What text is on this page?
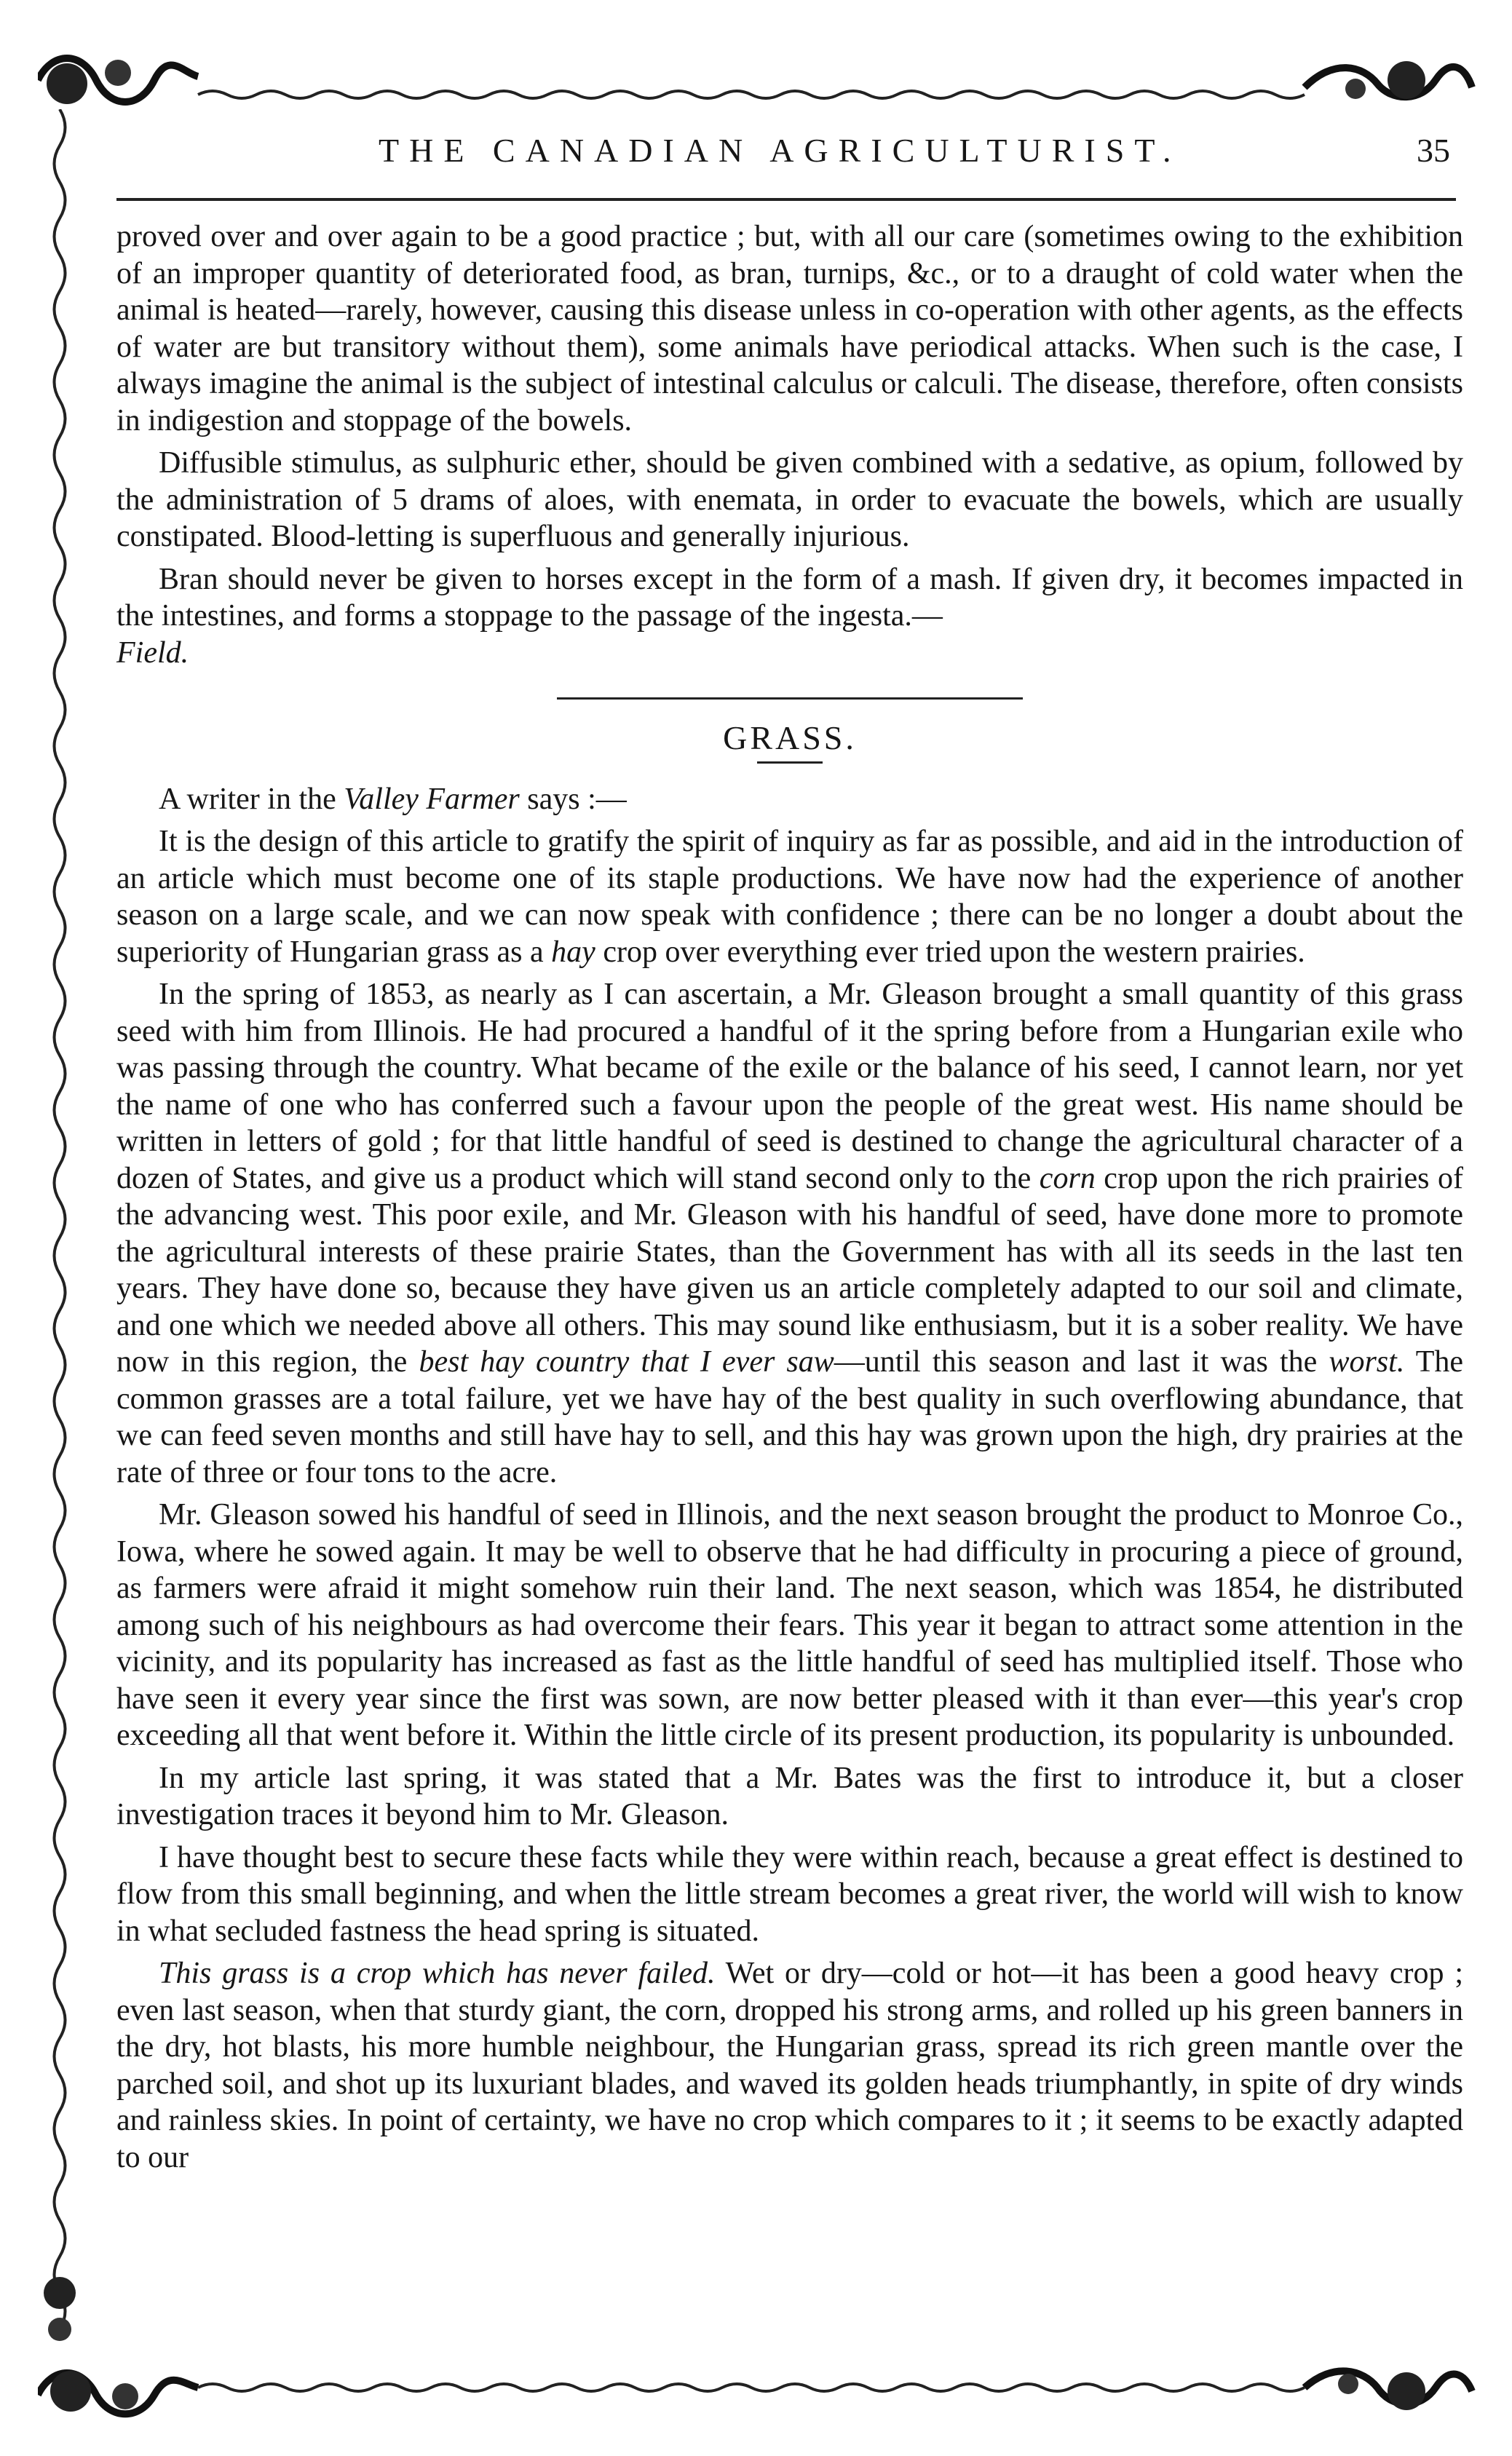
THE CANADIAN AGRICULTURIST.	35

proved over and over again to be a good practice ; but, with all our care (sometimes owing to the exhibition of an improper quantity of deteriorated food, as bran, turnips, &c., or to a draught of cold water when the animal is heated—rarely, however, causing this disease unless in co-operation with other agents, as the effects of water are but transitory without them), some animals have periodical attacks. When such is the case, I always imagine the animal is the subject of intestinal calculus or calculi. The disease, therefore, often consists in indigestion and stoppage of the bowels.

Diffusible stimulus, as sulphuric ether, should be given combined with a sedative, as opium, followed by the administration of 5 drams of aloes, with enemata, in order to evacuate the bowels, which are usually constipated. Blood-letting is superfluous and generally injurious.

Bran should never be given to horses except in the form of a mash. If given dry, it becomes impacted in the intestines, and forms a stoppage to the passage of the ingesta.—
Field.

GRASS.

A writer in the Valley Farmer says :—

It is the design of this article to gratify the spirit of inquiry as far as possible, and aid in the introduction of an article which must become one of its staple productions. We have now had the experience of another season on a large scale, and we can now speak with confidence ; there can be no longer a doubt about the superiority of Hungarian grass as a hay crop over everything ever tried upon the western prairies.

In the spring of 1853, as nearly as I can ascertain, a Mr. Gleason brought a small quantity of this grass seed with him from Illinois. He had procured a handful of it the spring before from a Hungarian exile who was passing through the country. What became of the exile or the balance of his seed, I cannot learn, nor yet the name of one who has conferred such a favour upon the people of the great west. His name should be written in letters of gold ; for that little handful of seed is destined to change the agricultural character of a dozen of States, and give us a product which will stand second only to the corn crop upon the rich prairies of the advancing west. This poor exile, and Mr. Gleason with his handful of seed, have done more to promote the agricultural interests of these prairie States, than the Government has with all its seeds in the last ten years. They have done so, because they have given us an article completely adapted to our soil and climate, and one which we needed above all others. This may sound like enthusiasm, but it is a sober reality. We have now in this region, the best hay country that I ever saw—until this season and last it was the worst. The common grasses are a total failure, yet we have hay of the best quality in such overflowing abundance, that we can feed seven months and still have hay to sell, and this hay was grown upon the high, dry prairies at the rate of three or four tons to the acre.

Mr. Gleason sowed his handful of seed in Illinois, and the next season brought the product to Monroe Co., Iowa, where he sowed again. It may be well to observe that he had difficulty in procuring a piece of ground, as farmers were afraid it might somehow ruin their land. The next season, which was 1854, he distributed among such of his neighbours as had overcome their fears. This year it began to attract some attention in the vicinity, and its popularity has increased as fast as the little handful of seed has multiplied itself. Those who have seen it every year since the first was sown, are now better pleased with it than ever—this year's crop exceeding all that went before it. Within the little circle of its present production, its popularity is unbounded.

In my article last spring, it was stated that a Mr. Bates was the first to introduce it, but a closer investigation traces it beyond him to Mr. Gleason.

I have thought best to secure these facts while they were within reach, because a great effect is destined to flow from this small beginning, and when the little stream becomes a great river, the world will wish to know in what secluded fastness the head spring is situated.

This grass is a crop which has never failed. Wet or dry—cold or hot—it has been a good heavy crop ; even last season, when that sturdy giant, the corn, dropped his strong arms, and rolled up his green banners in the dry, hot blasts, his more humble neighbour, the Hungarian grass, spread its rich green mantle over the parched soil, and shot up its luxuriant blades, and waved its golden heads triumphantly, in spite of dry winds and rainless skies. In point of certainty, we have no crop which compares to it ; it seems to be exactly adapted to our
